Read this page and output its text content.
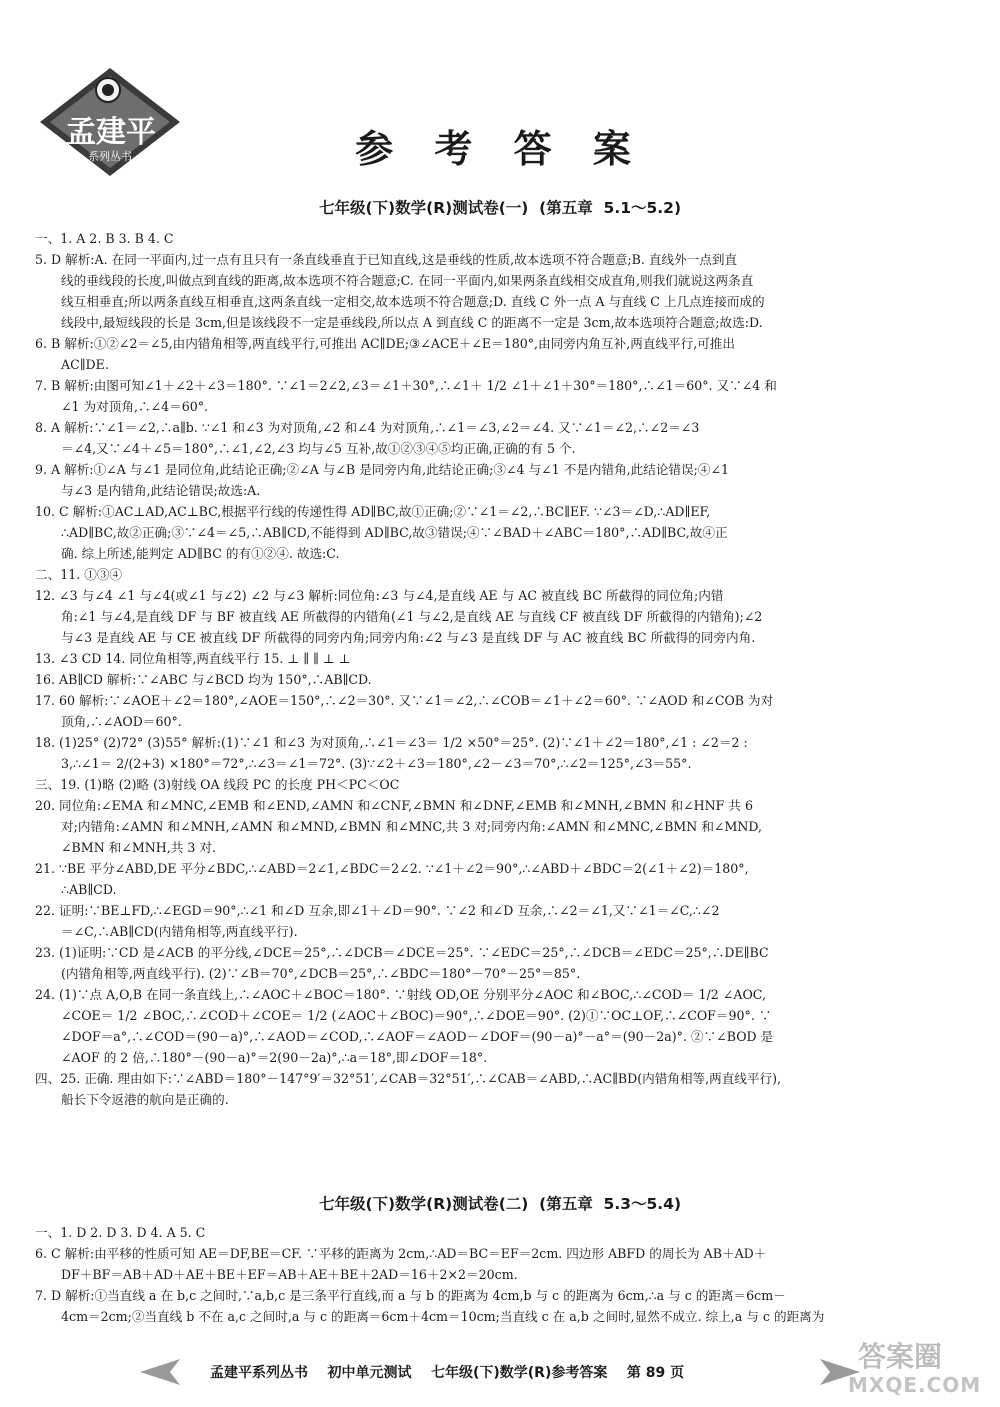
孟建平
系列丛书	参 考 答 案
七年级(下)数学(R)测试卷(一)  (第五章  5.1～5.2)
一、1. A 2. B 3. B 4. C
5. D 解析:A. 在同一平面内,过一点有且只有一条直线垂直于已知直线,这是垂线的性质,故本选项不符合题意;B. 直线外一点到直
线的垂线段的长度,叫做点到直线的距离,故本选项不符合题意;C. 在同一平面内,如果两条直线相交成直角,则我们就说这两条直
线互相垂直;所以两条直线互相垂直,这两条直线一定相交,故本选项不符合题意;D. 直线 C 外一点 A 与直线 C 上几点连接而成的
线段中,最短线段的长是 3cm,但是该线段不一定是垂线段,所以点 A 到直线 C 的距离不一定是 3cm,故本选项符合题意;故选:D.
6. B 解析:①②∠2＝∠5,由内错角相等,两直线平行,可推出 AC∥DE;③∠ACE＋∠E＝180°,由同旁内角互补,两直线平行,可推出
AC∥DE.
7. B 解析:由图可知∠1＋∠2＋∠3＝180°. ∵∠1＝2∠2,∠3＝∠1＋30°,∴∠1＋ 1/2 ∠1＋∠1＋30°＝180°,∴∠1＝60°. 又∵∠4 和
∠1 为对顶角,∴∠4＝60°.
8. A 解析:∵∠1＝∠2,∴a∥b. ∵∠1 和∠3 为对顶角,∠2 和∠4 为对顶角,∴∠1＝∠3,∠2＝∠4. 又∵∠1＝∠2,∴∠2＝∠3
＝∠4,又∵∠4＋∠5＝180°,∴∠1,∠2,∠3 均与∠5 互补,故①②③④⑤均正确,正确的有 5 个.
9. A 解析:①∠A 与∠1 是同位角,此结论正确;②∠A 与∠B 是同旁内角,此结论正确;③∠4 与∠1 不是内错角,此结论错误;④∠1
与∠3 是内错角,此结论错误;故选:A.
10. C 解析:①AC⊥AD,AC⊥BC,根据平行线的传递性得 AD∥BC,故①正确;②∵∠1＝∠2,∴BC∥EF. ∵∠3＝∠D,∴AD∥EF,
∴AD∥BC,故②正确;③∵∠4＝∠5,∴AB∥CD,不能得到 AD∥BC,故③错误;④∵∠BAD＋∠ABC＝180°,∴AD∥BC,故④正
确. 综上所述,能判定 AD∥BC 的有①②④. 故选:C.
二、11. ①③④
12. ∠3 与∠4 ∠1 与∠4(或∠1 与∠2) ∠2 与∠3 解析:同位角:∠3 与∠4,是直线 AE 与 AC 被直线 BC 所截得的同位角;内错
角:∠1 与∠4,是直线 DF 与 BF 被直线 AE 所截得的内错角(∠1 与∠2,是直线 AE 与直线 CF 被直线 DF 所截得的内错角);∠2
与∠3 是直线 AE 与 CE 被直线 DF 所截得的同旁内角;同旁内角:∠2 与∠3 是直线 DF 与 AC 被直线 BC 所截得的同旁内角.
13. ∠3 CD 14. 同位角相等,两直线平行 15. ⊥ ∥ ∥ ⊥ ⊥
16. AB∥CD 解析:∵∠ABC 与∠BCD 均为 150°,∴AB∥CD.
17. 60 解析:∵∠AOE＋∠2＝180°,∠AOE＝150°,∴∠2＝30°. 又∵∠1＝∠2,∴∠COB＝∠1＋∠2＝60°. ∵∠AOD 和∠COB 为对
顶角,∴∠AOD＝60°.
18. (1)25° (2)72° (3)55° 解析:(1)∵∠1 和∠3 为对顶角,∴∠1＝∠3＝ 1/2 ×50°＝25°. (2)∵∠1＋∠2＝180°,∠1 : ∠2＝2 :
3,∴∠1＝ 2/(2+3) ×180°＝72°,∴∠3＝∠1＝72°. (3)∵∠2＋∠3＝180°,∠2－∠3＝70°,∴∠2＝125°,∠3＝55°.
三、19. (1)略 (2)略 (3)射线 OA 线段 PC 的长度 PH＜PC＜OC
20. 同位角:∠EMA 和∠MNC,∠EMB 和∠END,∠AMN 和∠CNF,∠BMN 和∠DNF,∠EMB 和∠MNH,∠BMN 和∠HNF 共 6
对;内错角:∠AMN 和∠MNH,∠AMN 和∠MND,∠BMN 和∠MNC,共 3 对;同旁内角:∠AMN 和∠MNC,∠BMN 和∠MND,
∠BMN 和∠MNH,共 3 对.
21. ∵BE 平分∠ABD,DE 平分∠BDC,∴∠ABD＝2∠1,∠BDC＝2∠2. ∵∠1＋∠2＝90°,∴∠ABD＋∠BDC＝2(∠1＋∠2)＝180°,
∴AB∥CD.
22. 证明:∵BE⊥FD,∴∠EGD＝90°,∴∠1 和∠D 互余,即∠1＋∠D＝90°. ∵∠2 和∠D 互余,∴∠2＝∠1,又∵∠1＝∠C,∴∠2
＝∠C,∴AB∥CD(内错角相等,两直线平行).
23. (1)证明:∵CD 是∠ACB 的平分线,∠DCE＝25°,∴∠DCB＝∠DCE＝25°. ∵∠EDC＝25°,∴∠DCB＝∠EDC＝25°,∴DE∥BC
(内错角相等,两直线平行). (2)∵∠B＝70°,∠DCB＝25°,∴∠BDC＝180°－70°－25°＝85°.
24. (1)∵点 A,O,B 在同一条直线上,∴∠AOC＋∠BOC＝180°. ∵射线 OD,OE 分别平分∠AOC 和∠BOC,∴∠COD＝ 1/2 ∠AOC,
∠COE＝ 1/2 ∠BOC,∴∠COD＋∠COE＝ 1/2 (∠AOC＋∠BOC)＝90°,∴∠DOE＝90°. (2)①∵OC⊥OF,∴∠COF＝90°. ∵
∠DOF＝a°,∴∠COD＝(90－a)°,∴∠AOD＝∠COD,∴∠AOF＝∠AOD－∠DOF＝(90－a)°－a°＝(90－2a)°. ②∵∠BOD 是
∠AOF 的 2 倍,∴180°－(90－a)°＝2(90－2a)°,∴a＝18°,即∠DOF＝18°.
四、25. 正确. 理由如下:∵∠ABD＝180°－147°9′＝32°51′,∠CAB＝32°51′,∴∠CAB＝∠ABD,∴AC∥BD(内错角相等,两直线平行),
船长下令返港的航向是正确的.
七年级(下)数学(R)测试卷(二)  (第五章  5.3～5.4)
一、1. D 2. D 3. D 4. A 5. C
6. C 解析:由平移的性质可知 AE＝DF,BE＝CF. ∵平移的距离为 2cm,∴AD＝BC＝EF＝2cm. 四边形 ABFD 的周长为 AB＋AD＋
DF＋BF＝AB＋AD＋AE＋BE＋EF＝AB＋AE＋BE＋2AD＝16＋2×2＝20cm.
7. D 解析:①当直线 a 在 b,c 之间时,∵a,b,c 是三条平行直线,而 a 与 b 的距离为 4cm,b 与 c 的距离为 6cm,∴a 与 c 的距离＝6cm－
4cm＝2cm;②当直线 b 不在 a,c 之间时,a 与 c 的距离＝6cm＋4cm＝10cm;当直线 c 在 a,b 之间时,显然不成立. 综上,a 与 c 的距离为
孟建平系列丛书    初中单元测试    七年级(下)数学(R)参考答案    第 89 页	答案圈
MXQE.COM
